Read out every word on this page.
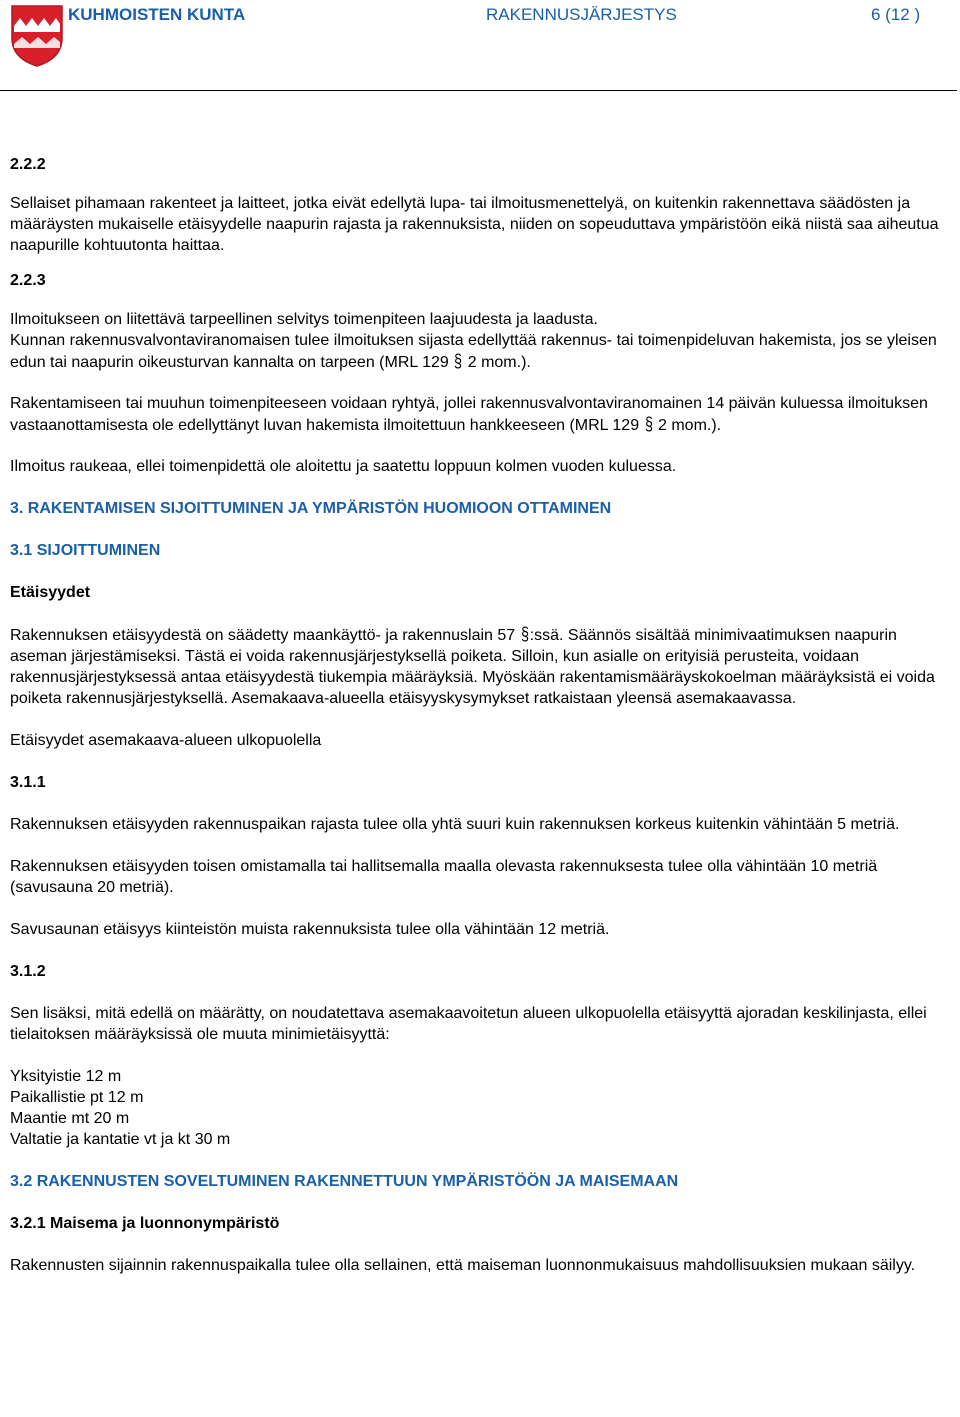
KUHMOISTEN KUNTA	RAKENNUSJÄRJESTYS	6 (12 )

2.2.2

Sellaiset pihamaan rakenteet ja laitteet, jotka eivät edellytä lupa- tai ilmoitusmenettelyä, on kuitenkin rakennettava säädösten ja määräysten mukaiselle etäisyydelle naapurin rajasta ja rakennuksista, niiden on sopeuduttava ympäristöön eikä niistä saa aiheutua naapurille kohtuutonta haittaa.

2.2.3

Ilmoitukseen on liitettävä tarpeellinen selvitys toimenpiteen laajuudesta ja laadusta.

Kunnan rakennusvalvontaviranomaisen tulee ilmoituksen sijasta edellyttää rakennus- tai toimenpideluvan hakemista, jos se yleisen edun tai naapurin oikeusturvan kannalta on tarpeen (MRL 129 § 2 mom.).

Rakentamiseen tai muuhun toimenpiteeseen voidaan ryhtyä, jollei rakennusvalvontaviranomainen 14 päivän kuluessa ilmoituksen vastaanottamisesta ole edellyttänyt luvan hakemista ilmoitettuun hankkeeseen (MRL 129 § 2 mom.).

Ilmoitus raukeaa, ellei toimenpidettä ole aloitettu ja saatettu loppuun kolmen vuoden kuluessa.

3. RAKENTAMISEN SIJOITTUMINEN JA YMPÄRISTÖN HUOMIOON OTTAMINEN

3.1 SIJOITTUMINEN

Etäisyydet

Rakennuksen etäisyydestä on säädetty maankäyttö- ja rakennuslain 57 §:ssä. Säännös sisältää minimivaatimuksen naapurin aseman järjestämiseksi. Tästä ei voida rakennusjärjestyksellä poiketa. Silloin, kun asialle on erityisiä perusteita, voidaan rakennusjärjestyksessä antaa etäisyydestä tiukempia määräyksiä. Myöskään rakentamismääräyskokoelman määräyksistä ei voida poiketa rakennusjärjestyksellä. Asemakaava-alueella etäisyyskysymykset ratkaistaan yleensä asemakaavassa.

Etäisyydet asemakaava-alueen ulkopuolella

3.1.1

Rakennuksen etäisyyden rakennuspaikan rajasta tulee olla yhtä suuri kuin rakennuksen korkeus kuitenkin vähintään 5 metriä.

Rakennuksen etäisyyden toisen omistamalla tai hallitsemalla maalla olevasta rakennuksesta tulee olla vähintään 10 metriä (savusauna 20 metriä).

Savusaunan etäisyys kiinteistön muista rakennuksista tulee olla vähintään 12 metriä.

3.1.2

Sen lisäksi, mitä edellä on määrätty, on noudatettava asemakaavoitetun alueen ulkopuolella etäisyyttä ajoradan keskilinjasta, ellei tielaitoksen määräyksissä ole muuta minimietäisyyttä:

Yksityistie 12 m
Paikallistie pt 12 m
Maantie mt 20 m
Valtatie ja kantatie vt ja kt 30 m

3.2 RAKENNUSTEN SOVELTUMINEN RAKENNETTUUN YMPÄRISTÖÖN JA MAISEMAAN

3.2.1 Maisema ja luonnonympäristö

Rakennusten sijainnin rakennuspaikalla tulee olla sellainen, että maiseman luonnonmukaisuus mahdollisuuksien mukaan säilyy.
